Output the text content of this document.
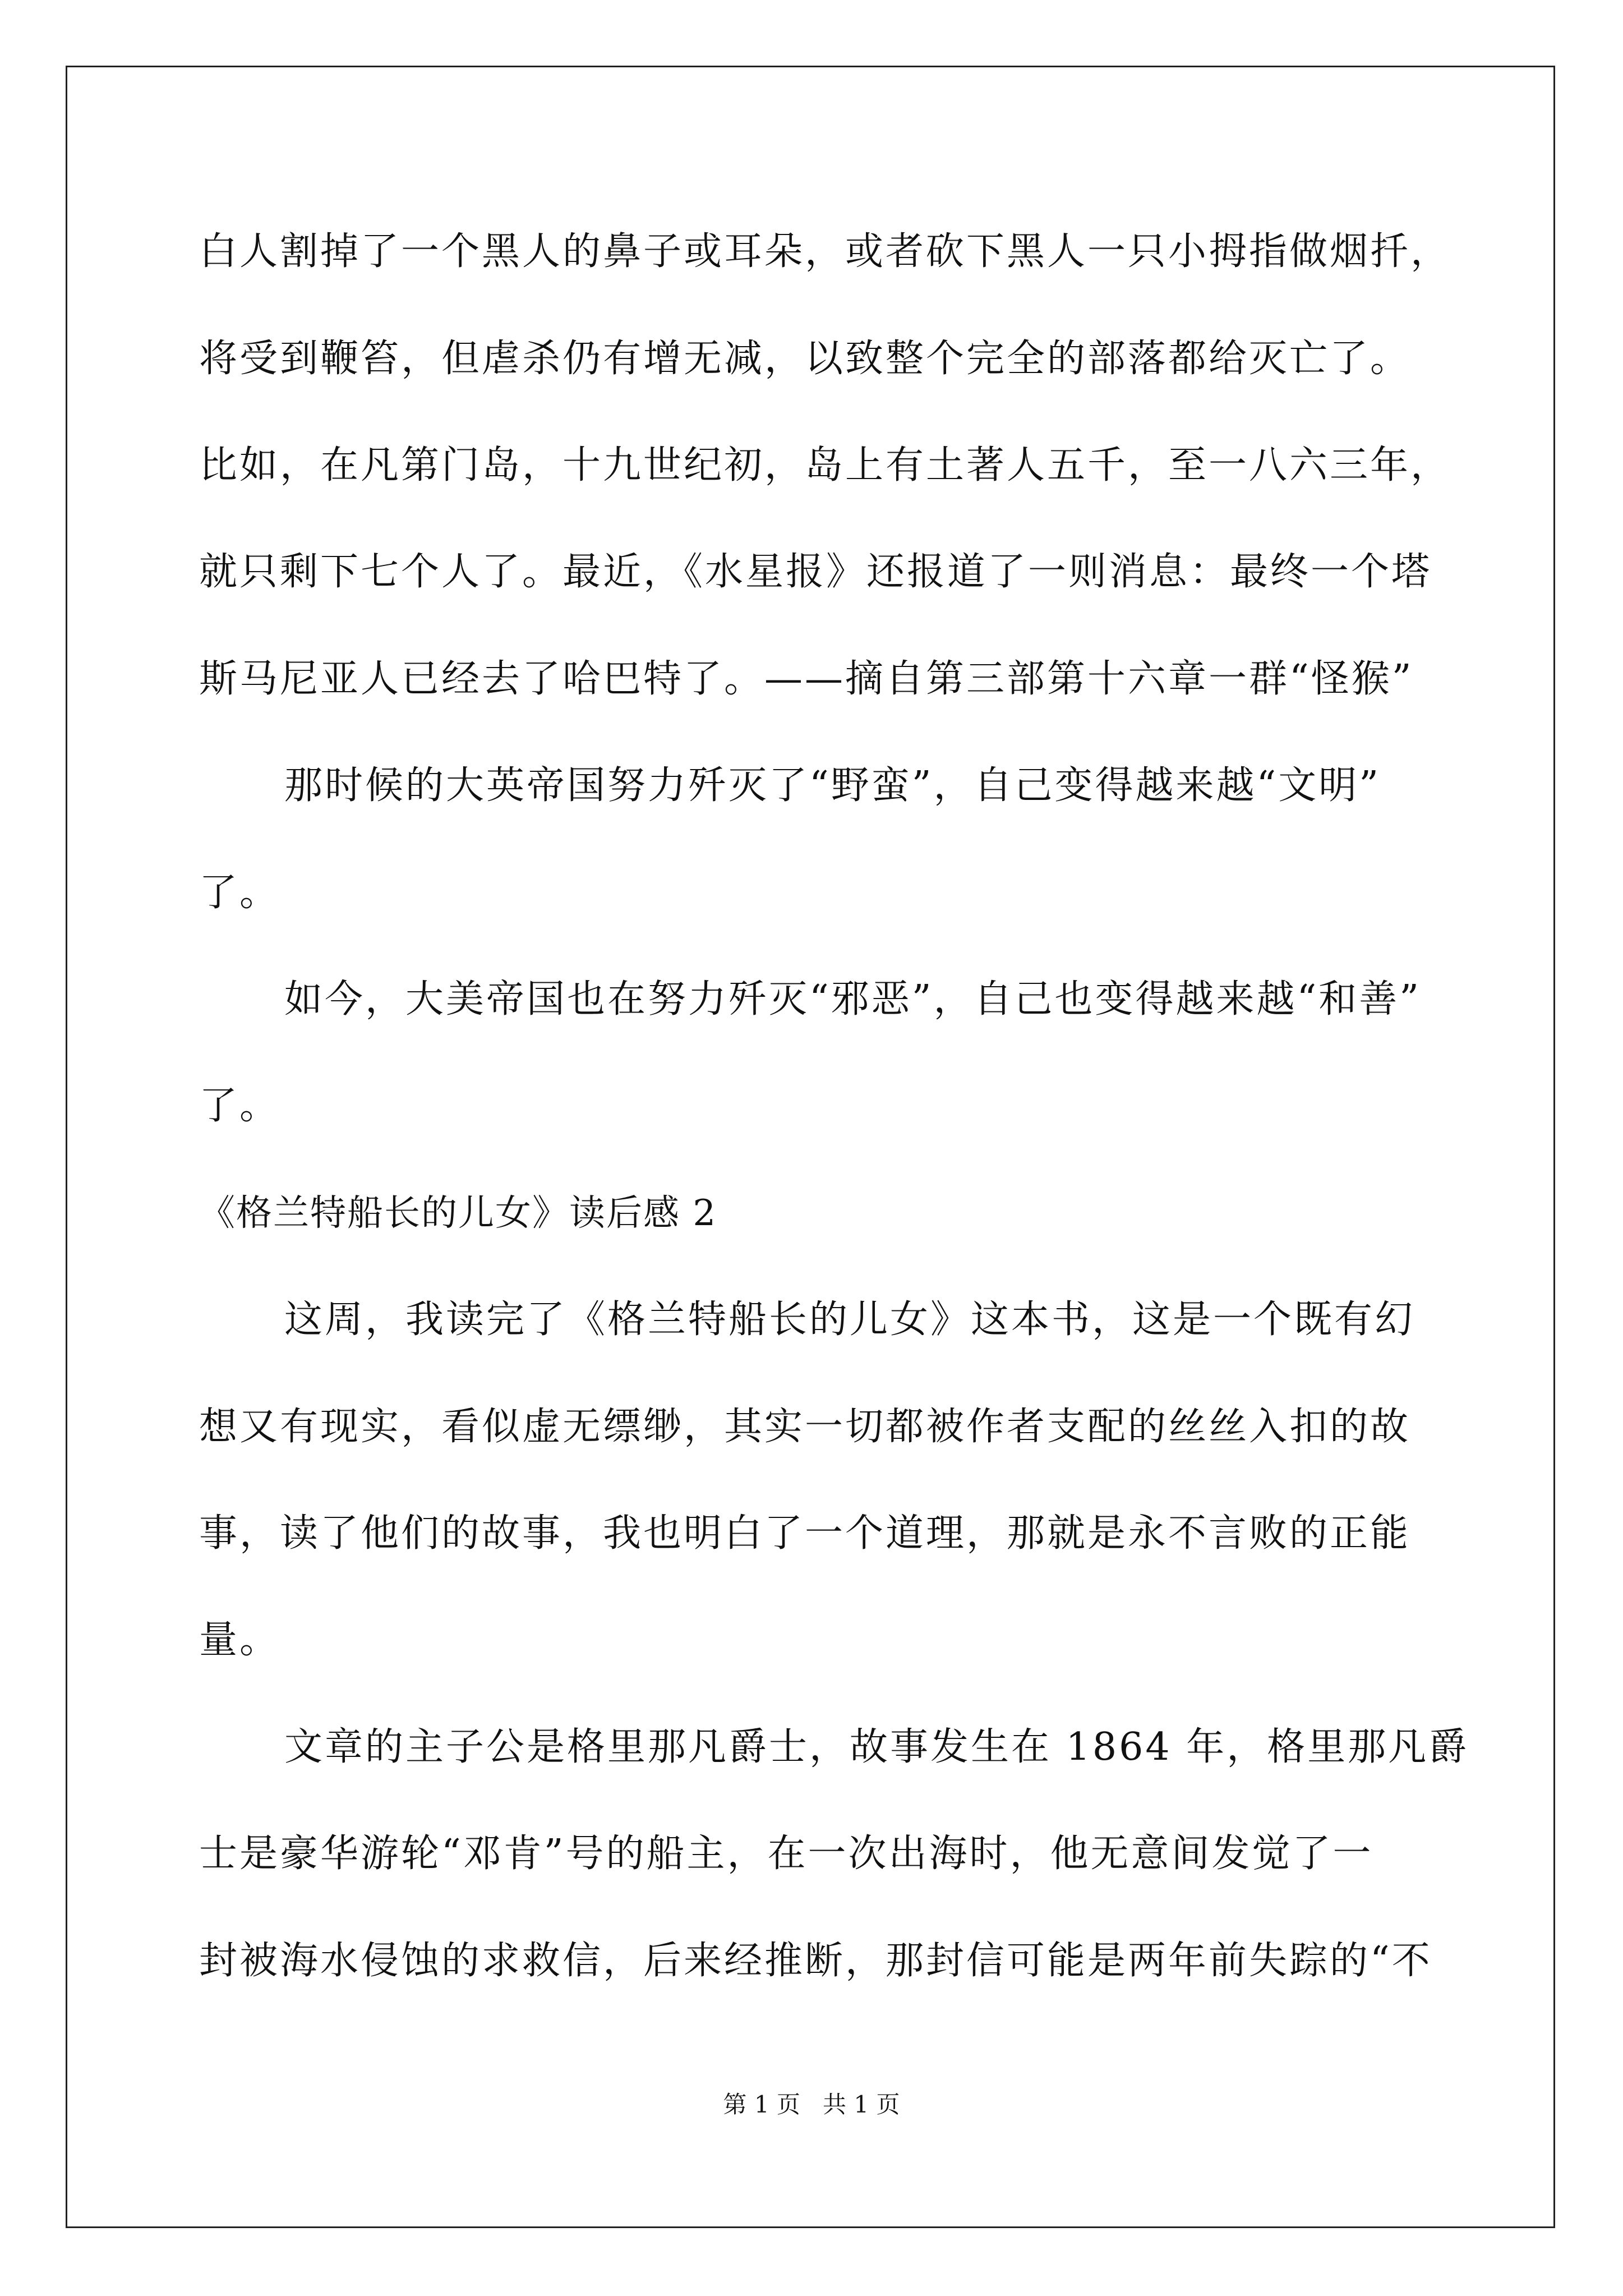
白人割掉了一个黑人的鼻子或耳朵，或者砍下黑人一只小拇指做烟扦，
将受到鞭笞，但虐杀仍有增无减，以致整个完全的部落都给灭亡了。
比如，在凡第门岛，十九世纪初，岛上有土著人五千，至一八六三年，
就只剩下七个人了。最近，《水星报》还报道了一则消息：最终一个塔
斯马尼亚人已经去了哈巴特了。——摘自第三部第十六章一群“怪猴”
那时候的大英帝国努力歼灭了“野蛮”，自己变得越来越“文明”
了。
如今，大美帝国也在努力歼灭“邪恶”，自己也变得越来越“和善”
了。
《格兰特船长的儿女》读后感 2
这周，我读完了《格兰特船长的儿女》这本书，这是一个既有幻
想又有现实，看似虚无缥缈，其实一切都被作者支配的丝丝入扣的故
事，读了他们的故事，我也明白了一个道理，那就是永不言败的正能
量。
文章的主子公是格里那凡爵士，故事发生在 1864 年，格里那凡爵
士是豪华游轮“邓肯”号的船主，在一次出海时，他无意间发觉了一
封被海水侵蚀的求救信，后来经推断，那封信可能是两年前失踪的“不
第 1 页   共 1 页
